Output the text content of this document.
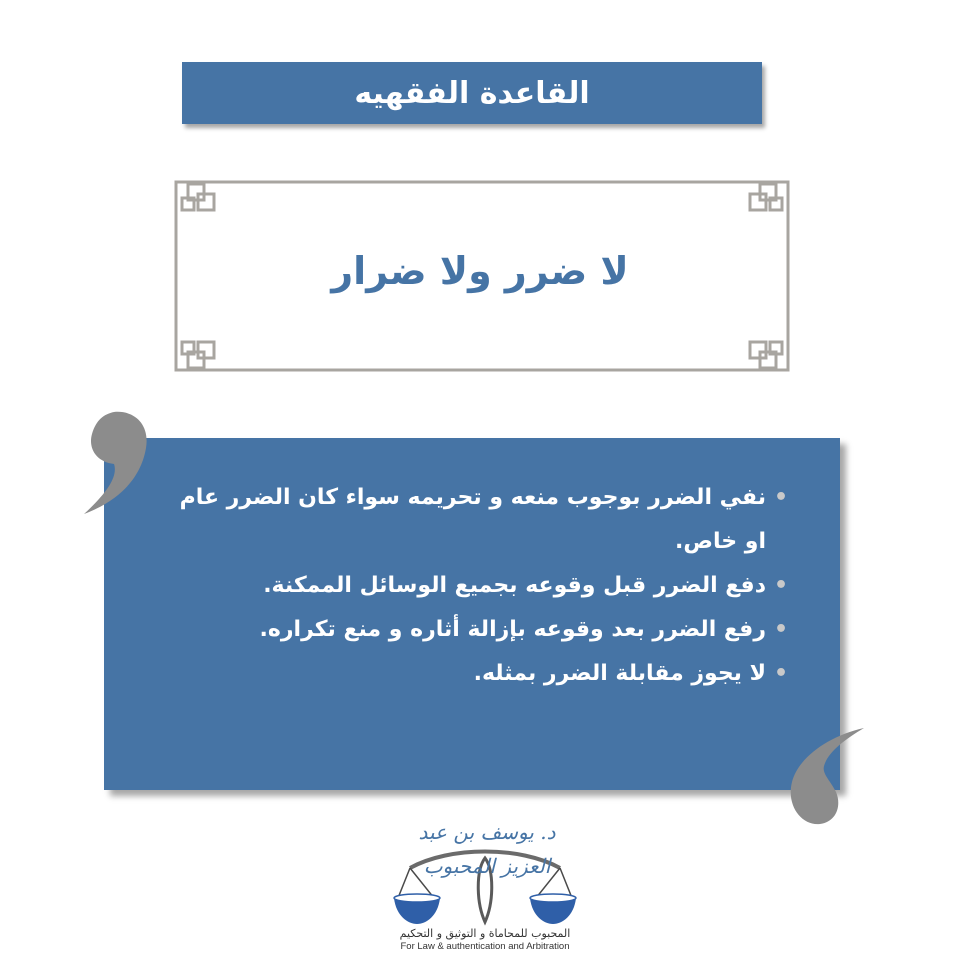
القاعدة الفقهيه
لا ضرر ولا ضرار
• نفي الضرر بوجوب منعه و تحريمه سواء كان الضرر عام او خاص.
• دفع الضرر قبل وقوعه بجميع الوسائل الممكنة.
• رفع الضرر بعد وقوعه بإزالة أثاره و منع تكراره.
• لا يجوز مقابلة الضرر بمثله.
د. يوسف بن عبد العزيز المحبوب
المحبوب للمحاماة و التوثيق و التحكيم
For Law & authentication and Arbitration
